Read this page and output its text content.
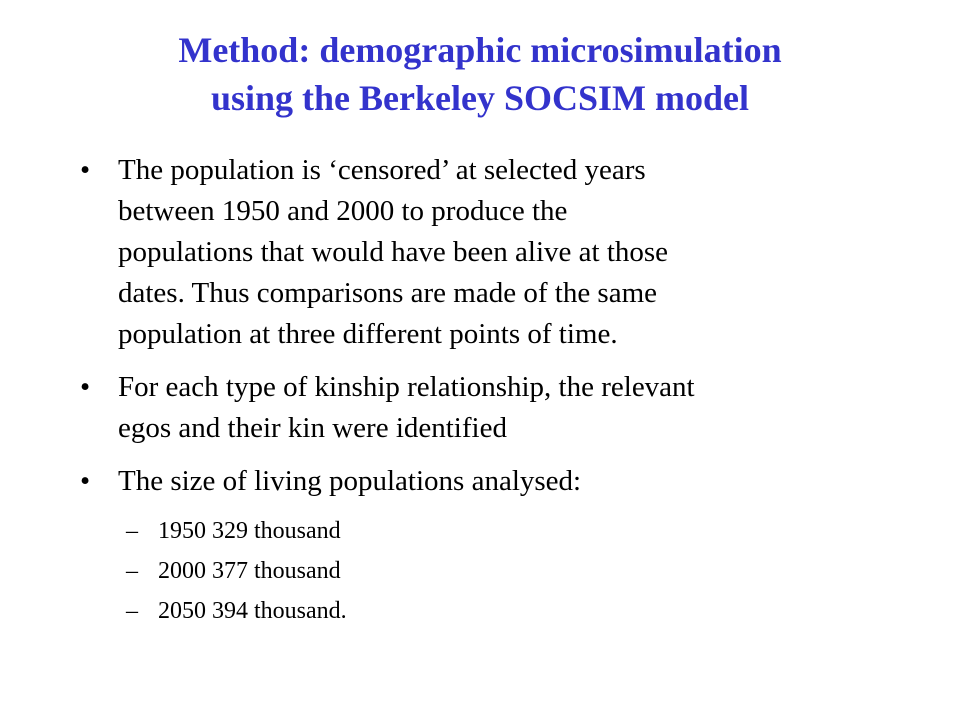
Method: demographic microsimulation
using the Berkeley SOCSIM model
• The population is ‘censored’ at selected years
between 1950 and 2000 to produce the
populations that would have been alive at those
dates. Thus comparisons are made of the same
population at three different points of time.
• For each type of kinship relationship, the relevant
egos and their kin were identified
• The size of living populations analysed:
– 1950 329 thousand
– 2000 377 thousand
– 2050 394 thousand.
